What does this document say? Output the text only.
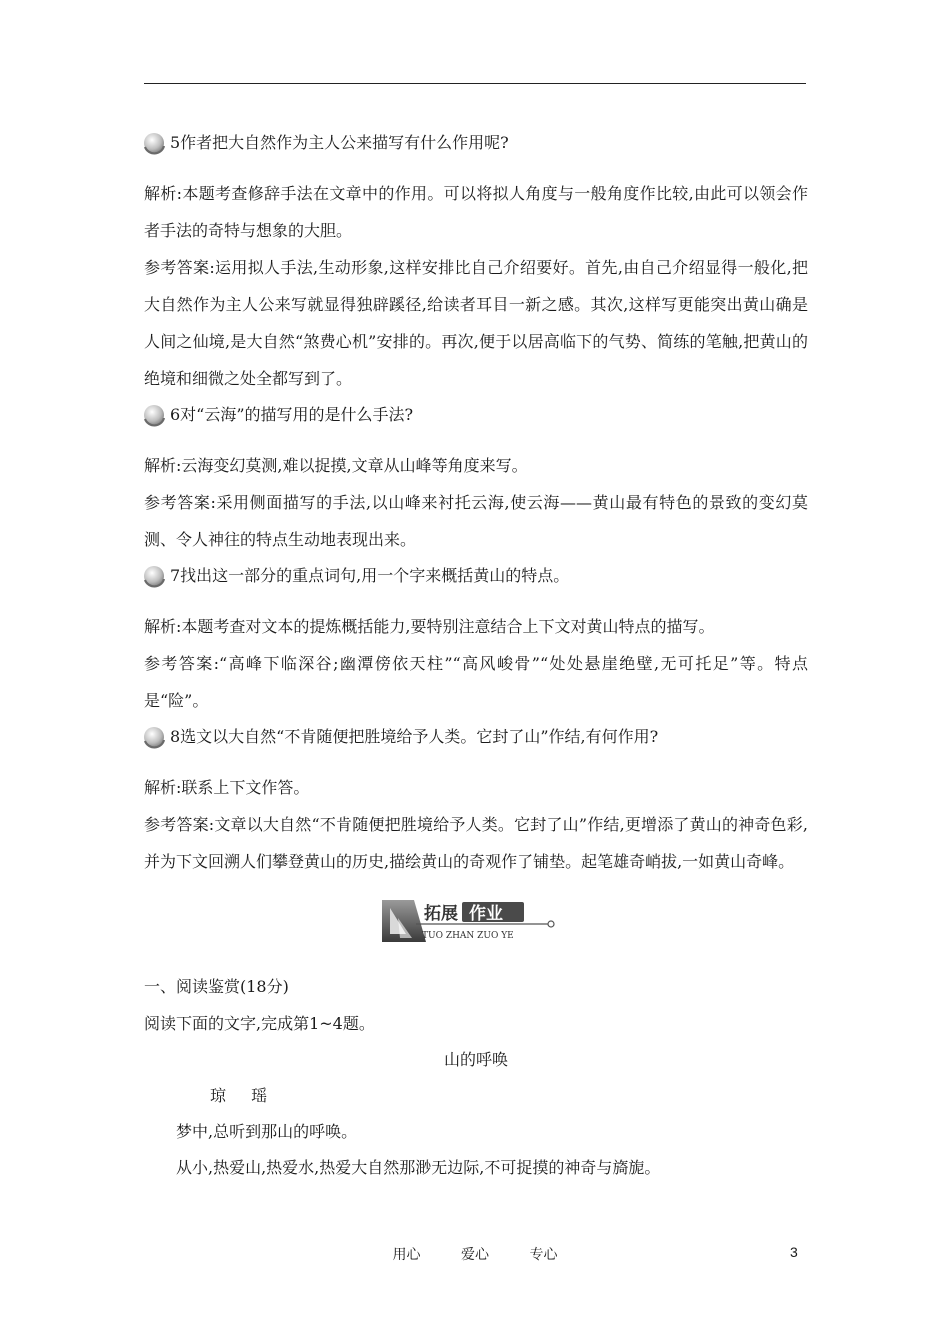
5作者把大自然作为主人公来描写有什么作用呢?
解析:本题考查修辞手法在文章中的作用。可以将拟人角度与一般角度作比较,由此可以领会作者手法的奇特与想象的大胆。
参考答案:运用拟人手法,生动形象,这样安排比自己介绍要好。首先,由自己介绍显得一般化,把大自然作为主人公来写就显得独辟蹊径,给读者耳目一新之感。其次,这样写更能突出黄山确是人间之仙境,是大自然“煞费心机”安排的。再次,便于以居高临下的气势、简练的笔触,把黄山的绝境和细微之处全都写到了。
6对“云海”的描写用的是什么手法?
解析:云海变幻莫测,难以捉摸,文章从山峰等角度来写。
参考答案:采用侧面描写的手法,以山峰来衬托云海,使云海——黄山最有特色的景致的变幻莫测、令人神往的特点生动地表现出来。
7找出这一部分的重点词句,用一个字来概括黄山的特点。
解析:本题考查对文本的提炼概括能力,要特别注意结合上下文对黄山特点的描写。
参考答案:“高峰下临深谷;幽潭傍依天柱”“高风峻骨”“处处悬崖绝壁,无可托足”等。特点是“险”。
8选文以大自然“不肯随便把胜境给予人类。它封了山”作结,有何作用?
解析:联系上下文作答。
参考答案:文章以大自然“不肯随便把胜境给予人类。它封了山”作结,更增添了黄山的神奇色彩,并为下文回溯人们攀登黄山的历史,描绘黄山的奇观作了铺垫。起笔雄奇峭拔,一如黄山奇峰。
拓展 作业
TUO ZHAN ZUO YE
一、阅读鉴赏(18分)
阅读下面的文字,完成第1~4题。
山的呼唤
琼 瑶
梦中,总听到那山的呼唤。
从小,热爱山,热爱水,热爱大自然那渺无边际,不可捉摸的神奇与旖旎。
用心	爱心	专心	3
